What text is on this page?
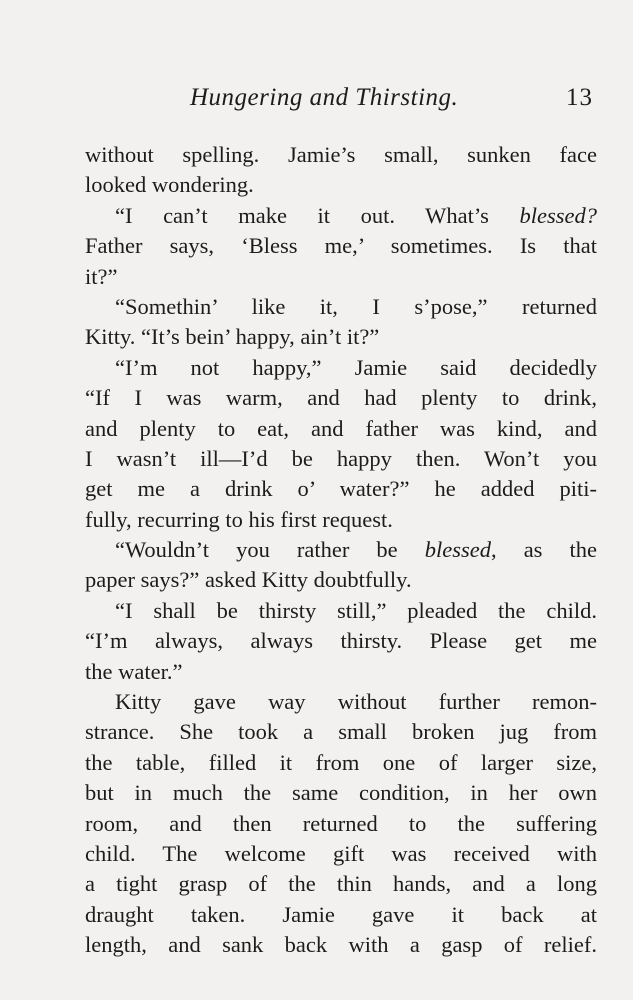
Hungering and Thirsting.	13
without spelling. Jamie’s small, sunken face
looked wondering.
“I can’t make it out. What’s blessed?
Father says, ‘Bless me,’ sometimes. Is that
it?”
“Somethin’ like it, I s’pose,” returned
Kitty. “It’s bein’ happy, ain’t it?”
“I’m not happy,” Jamie said decidedly
“If I was warm, and had plenty to drink,
and plenty to eat, and father was kind, and
I wasn’t ill—I’d be happy then. Won’t you
get me a drink o’ water?” he added piti-
fully, recurring to his first request.
“Wouldn’t you rather be blessed, as the
paper says?” asked Kitty doubtfully.
“I shall be thirsty still,” pleaded the child.
“I’m always, always thirsty. Please get me
the water.”
Kitty gave way without further remon-
strance. She took a small broken jug from
the table, filled it from one of larger size,
but in much the same condition, in her own
room, and then returned to the suffering
child. The welcome gift was received with
a tight grasp of the thin hands, and a long
draught taken. Jamie gave it back at
length, and sank back with a gasp of relief.
